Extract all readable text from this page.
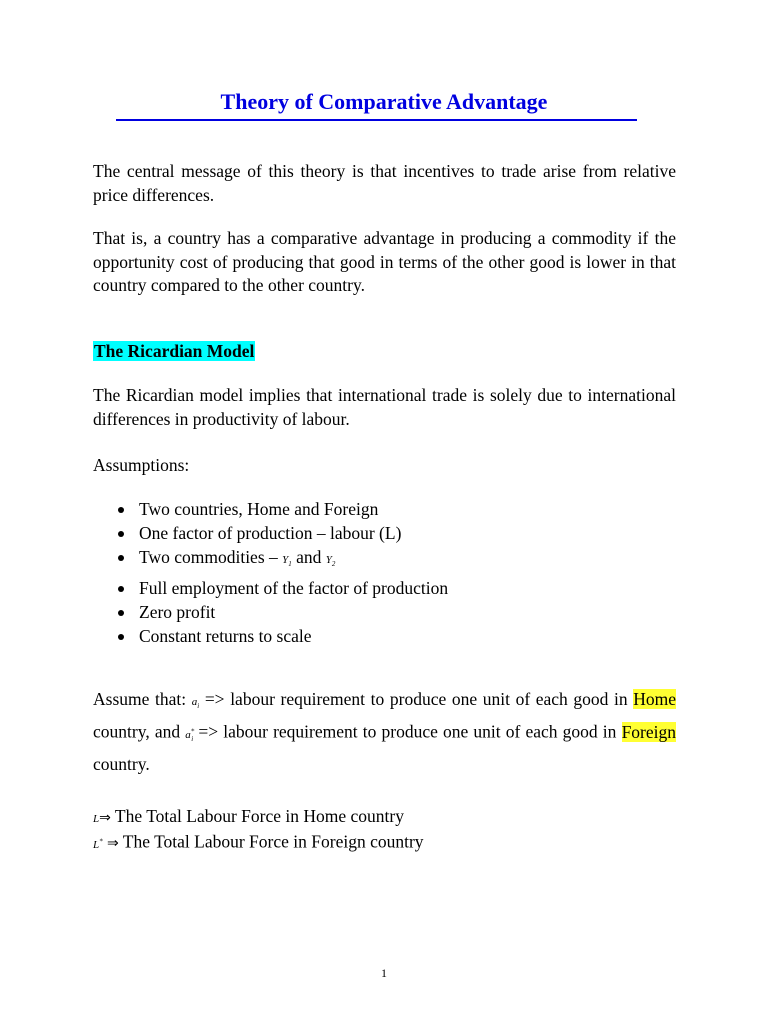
Theory of Comparative Advantage

The central message of this theory is that incentives to trade arise from relative price differences.

That is, a country has a comparative advantage in producing a commodity if the opportunity cost of producing that good in terms of the other good is lower in that country compared to the other country.

The Ricardian Model

The Ricardian model implies that international trade is solely due to international differences in productivity of labour.

Assumptions:

Two countries, Home and Foreign
One factor of production – labour (L)
Two commodities – $Y_1$ and $Y_2$
Full employment of the factor of production
Zero profit
Constant returns to scale

Assume that: $a_i$ => labour requirement to produce one unit of each good in Home country, and $a^*_i$ => labour requirement to produce one unit of each good in Foreign country.

L⇒ The Total Labour Force in Home country
L* ⇒ The Total Labour Force in Foreign country
1
